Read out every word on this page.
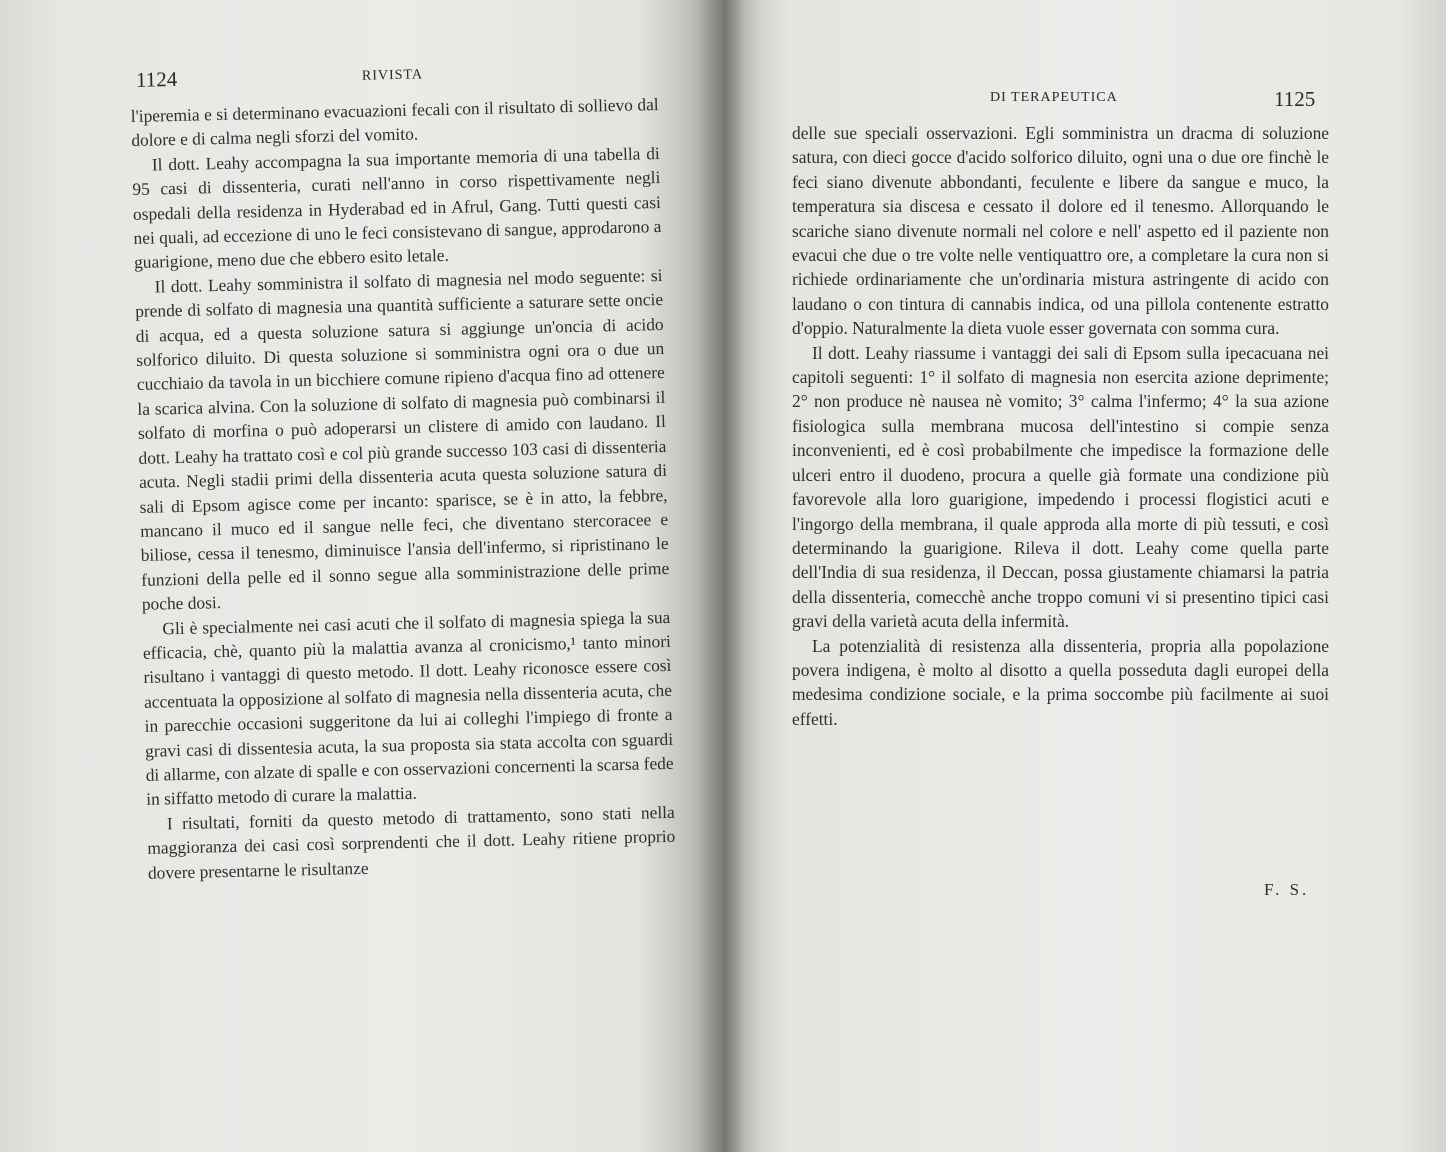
1124	RIVISTA

l'iperemia e si determinano evacuazioni fecali con il risultato di sollievo dal dolore e di calma negli sforzi del vomito.

Il dott. Leahy accompagna la sua importante memoria di una tabella di 95 casi di dissenteria, curati nell'anno in corso rispettivamente negli ospedali della residenza in Hyderabad ed in Afrul, Gang. Tutti questi casi nei quali, ad eccezione di uno le feci consistevano di sangue, approdarono a guarigione, meno due che ebbero esito letale.

Il dott. Leahy somministra il solfato di magnesia nel modo seguente: si prende di solfato di magnesia una quantità sufficiente a saturare sette oncie di acqua, ed a questa soluzione satura si aggiunge un'oncia di acido solforico diluito. Di questa soluzione si somministra ogni ora o due un cucchiaio da tavola in un bicchiere comune ripieno d'acqua fino ad ottenere la scarica alvina. Con la soluzione di solfato di magnesia può combinarsi il solfato di morfina o può adoperarsi un clistere di amido con laudano. Il dott. Leahy ha trattato così e col più grande successo 103 casi di dissenteria acuta. Negli stadii primi della dissenteria acuta questa soluzione satura di sali di Epsom agisce come per incanto: sparisce, se è in atto, la febbre, mancano il muco ed il sangue nelle feci, che diventano stercoracee e biliose, cessa il tenesmo, diminuisce l'ansia dell'infermo, si ripristinano le funzioni della pelle ed il sonno segue alla somministrazione delle prime poche dosi.

Gli è specialmente nei casi acuti che il solfato di magnesia spiega la sua efficacia, chè, quanto più la malattia avanza al cronicismo,¹ tanto minori risultano i vantaggi di questo metodo. Il dott. Leahy riconosce essere così accentuata la opposizione al solfato di magnesia nella dissenteria acuta, che in parecchie occasioni suggeritone da lui ai colleghi l'impiego di fronte a gravi casi di dissentesia acuta, la sua proposta sia stata accolta con sguardi di allarme, con alzate di spalle e con osservazioni concernenti la scarsa fede in siffatto metodo di curare la malattia.

I risultati, forniti da questo metodo di trattamento, sono stati nella maggioranza dei casi così sorprendenti che il dott. Leahy ritiene proprio dovere presentarne le risultanze

DI TERAPEUTICA	1125

delle sue speciali osservazioni. Egli somministra un dracma di soluzione satura, con dieci gocce d'acido solforico diluito, ogni una o due ore finchè le feci siano divenute abbondanti, feculente e libere da sangue e muco, la temperatura sia discesa e cessato il dolore ed il tenesmo. Allorquando le scariche siano divenute normali nel colore e nell' aspetto ed il paziente non evacui che due o tre volte nelle ventiquattro ore, a completare la cura non si richiede ordinariamente che un'ordinaria mistura astringente di acido con laudano o con tintura di cannabis indica, od una pillola contenente estratto d'oppio. Naturalmente la dieta vuole esser governata con somma cura.

Il dott. Leahy riassume i vantaggi dei sali di Epsom sulla ipecacuana nei capitoli seguenti: 1° il solfato di magnesia non esercita azione deprimente; 2° non produce nè nausea nè vomito; 3° calma l'infermo; 4° la sua azione fisiologica sulla membrana mucosa dell'intestino si compie senza inconvenienti, ed è così probabilmente che impedisce la formazione delle ulceri entro il duodeno, procura a quelle già formate una condizione più favorevole alla loro guarigione, impedendo i processi flogistici acuti e l'ingorgo della membrana, il quale approda alla morte di più tessuti, e così determinando la guarigione. Rileva il dott. Leahy come quella parte dell'India di sua residenza, il Deccan, possa giustamente chiamarsi la patria della dissenteria, comecchè anche troppo comuni vi si presentino tipici casi gravi della varietà acuta della infermità.

La potenzialità di resistenza alla dissenteria, propria alla popolazione povera indigena, è molto al disotto a quella posseduta dagli europei della medesima condizione sociale, e la prima soccombe più facilmente ai suoi effetti.

F. S.
